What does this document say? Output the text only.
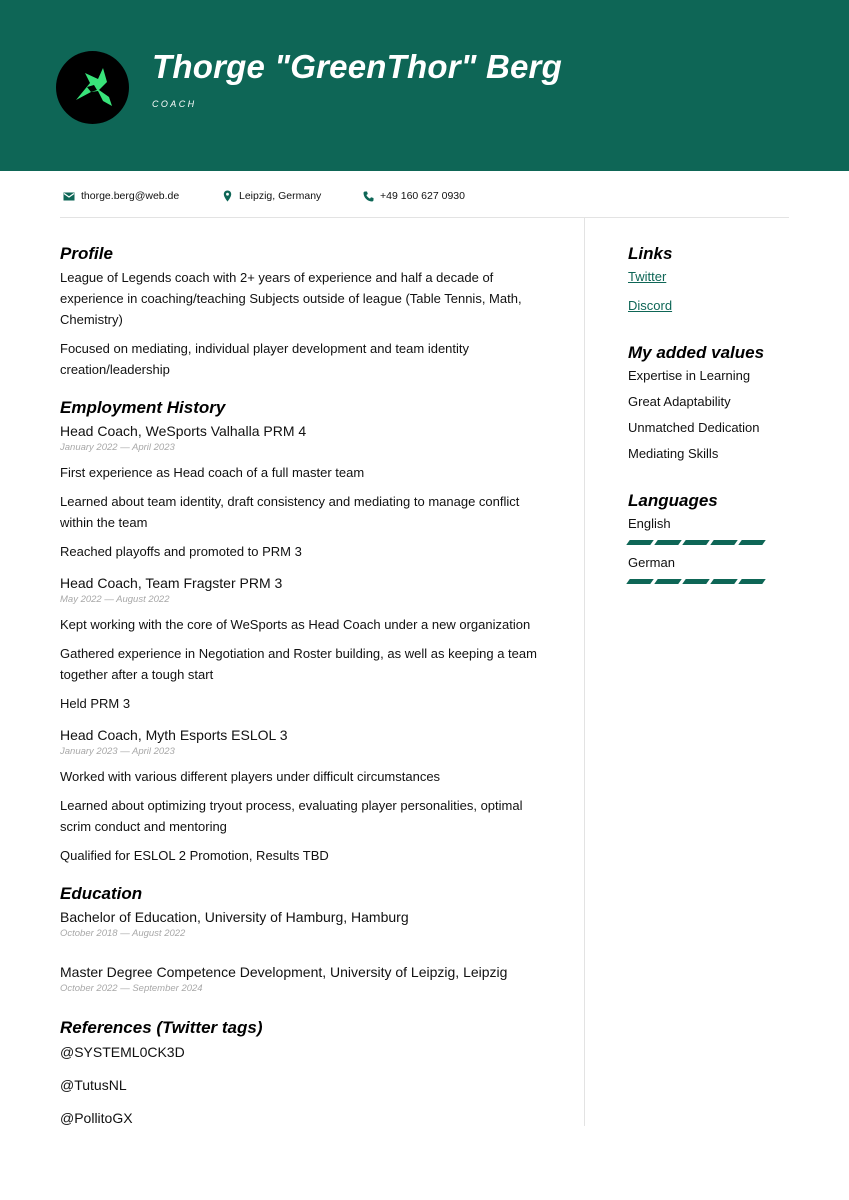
Thorge "GreenThor" Berg
COACH
thorge.berg@web.de	Leipzig, Germany	+49 160 627 0930
Profile

League of Legends coach with 2+ years of experience and half a decade of experience in coaching/teaching Subjects outside of league (Table Tennis, Math, Chemistry)

Focused on mediating, individual player development and team identity creation/leadership

Employment History
Head Coach, WeSports Valhalla PRM 4
January 2022 — April 2023

First experience as Head coach of a full master team

Learned about team identity, draft consistency and mediating to manage conflict within the team

Reached playoffs and promoted to PRM 3

Head Coach, Team Fragster PRM 3
May 2022 — August 2022

Kept working with the core of WeSports as Head Coach under a new organization

Gathered experience in Negotiation and Roster building, as well as keeping a team together after a tough start

Held PRM 3

Head Coach, Myth Esports ESLOL 3
January 2023 — April 2023

Worked with various different players under difficult circumstances

Learned about optimizing tryout process, evaluating player personalities, optimal scrim conduct and mentoring

Qualified for ESLOL 2 Promotion, Results TBD

Education
Bachelor of Education, University of Hamburg, Hamburg
October 2018 — August 2022
Master Degree Competence Development, University of Leipzig, Leipzig
October 2022 — September 2024
References (Twitter tags)
@SYSTEML0CK3D
@TutusNL
@PollitoGX
Links
Twitter
Discord
My added values
Expertise in Learning
Great Adaptability
Unmatched Dedication
Mediating Skills
Languages
English
German
